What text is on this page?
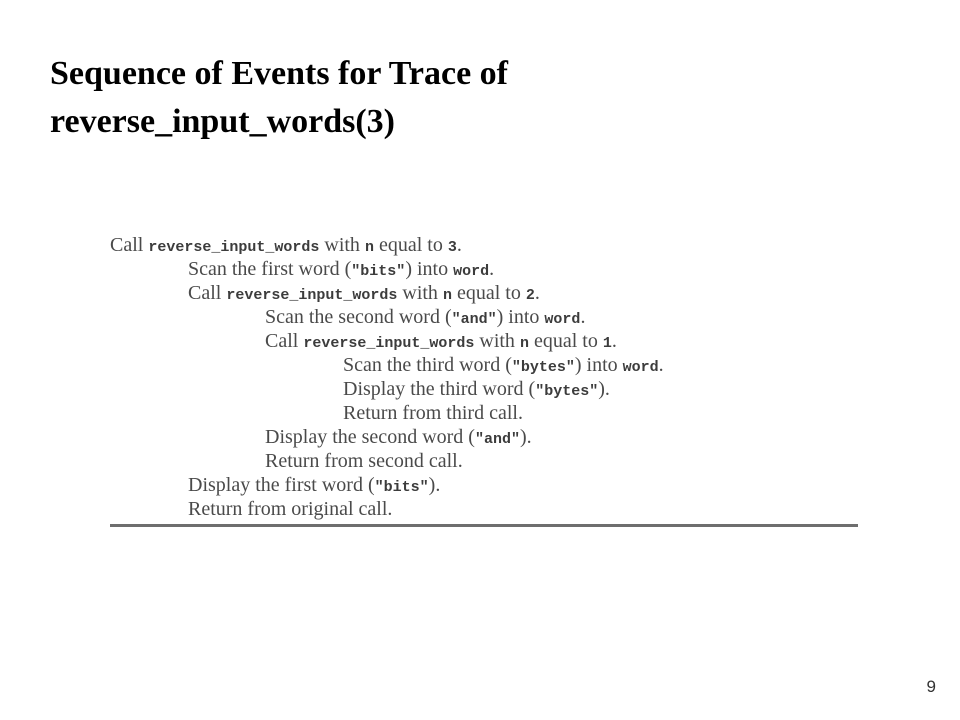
Sequence of Events for Trace of
reverse_input_words(3)
Call reverse_input_words with n equal to 3.
Scan the first word ("bits") into word.
Call reverse_input_words with n equal to 2.
Scan the second word ("and") into word.
Call reverse_input_words with n equal to 1.
Scan the third word ("bytes") into word.
Display the third word ("bytes").
Return from third call.
Display the second word ("and").
Return from second call.
Display the first word ("bits").
Return from original call.
9
